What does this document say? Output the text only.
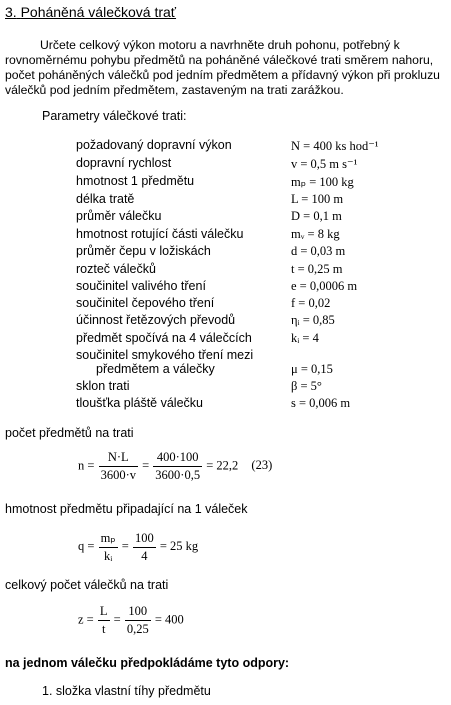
3. Poháněná válečková trať
Určete celkový výkon motoru a navrhněte druh pohonu, potřebný k
rovnoměrnému pohybu předmětů na poháněné válečkové trati směrem nahoru,
počet poháněných válečků pod jedním předmětem a přídavný výkon při prokluzu
válečků pod jedním předmětem, zastaveným na trati zarážkou.
Parametry válečkové trati:
požadovaný dopravní výkon	N = 400 ks hod⁻¹
dopravní rychlost	v = 0,5 m s⁻¹
hmotnost 1 předmětu	mₚ = 100 kg
délka tratě	L = 100 m
průměr válečku	D = 0,1 m
hmotnost rotující části válečku	mᵥ = 8 kg
průměr čepu v ložiskách	d = 0,03 m
rozteč válečků	t = 0,25 m
součinitel valivého tření	e = 0,0006 m
součinitel čepového tření	f = 0,02
účinnost řetězových převodů	ηᵢ = 0,85
předmět spočívá na 4 válečcích	kᵢ = 4
součinitel smykového tření mezi
předmětem a válečky	μ = 0,15
sklon trati	β = 5°
tloušťka pláště válečku	s = 0,006 m
počet předmětů na trati
$n = \frac{N\cdot L}{3600\cdot v} = \frac{400\cdot 100}{3600\cdot 0,5} = 22,2$ (23)
hmotnost předmětu připadající na 1 váleček
$q = \frac{\text{mₚ}}{\text{kᵢ}} = \frac{100}{4} = 25$ kg
celkový počet válečků na trati
$z = \frac{L}{t} = \frac{100}{0,25} = 400$
na jednom válečku předpokládáme tyto odpory:
1. složka vlastní tíhy předmětu
